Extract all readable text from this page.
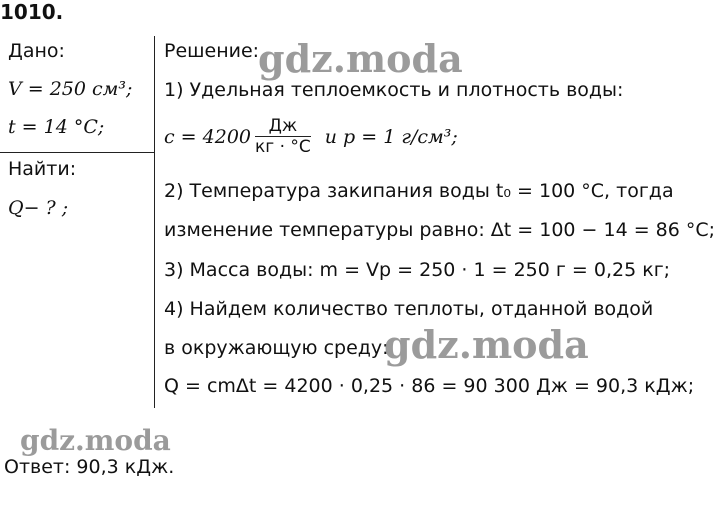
1010.
Дано:
V = 250 см³;
t = 14 °C;
Найти:
Q− ? ;
Решение:
1) Удельная теплоемкость и плотность воды:
$c = 4200 \frac{Дж}{кг \cdot ^\circ C}$ и p = 1 г/см³;
2) Температура закипания воды t₀ = 100 °C, тогда
изменение температуры равно: Δt = 100 − 14 = 86 °C;
3) Масса воды: m = Vp = 250 · 1 = 250 г = 0,25 кг;
4) Найдем количество теплоты, отданной водой
в окружающую среду:
Q = cmΔt = 4200 · 0,25 · 86 = 90 300 Дж = 90,3 кДж;
Ответ: 90,3 кДж.
gdz.moda
gdz.moda
gdz.moda
